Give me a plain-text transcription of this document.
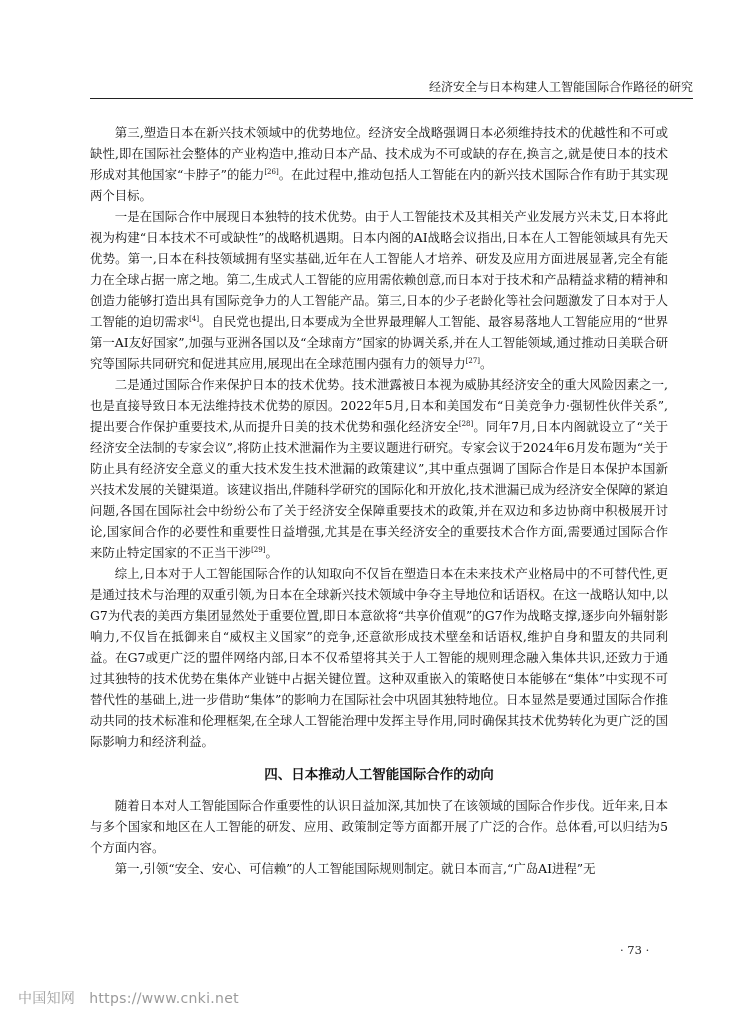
经济安全与日本构建人工智能国际合作路径的研究

第三,塑造日本在新兴技术领域中的优势地位。经济安全战略强调日本必须维持技术的优越性和不可或缺性,即在国际社会整体的产业构造中,推动日本产品、技术成为不可或缺的存在,换言之,就是使日本的技术形成对其他国家“卡脖子”的能力[26]。在此过程中,推动包括人工智能在内的新兴技术国际合作有助于其实现两个目标。

一是在国际合作中展现日本独特的技术优势。由于人工智能技术及其相关产业发展方兴未艾,日本将此视为构建“日本技术不可或缺性”的战略机遇期。日本内阁的AI战略会议指出,日本在人工智能领域具有先天优势。第一,日本在科技领域拥有坚实基础,近年在人工智能人才培养、研发及应用方面进展显著,完全有能力在全球占据一席之地。第二,生成式人工智能的应用需依赖创意,而日本对于技术和产品精益求精的精神和创造力能够打造出具有国际竞争力的人工智能产品。第三,日本的少子老龄化等社会问题激发了日本对于人工智能的迫切需求[4]。自民党也提出,日本要成为全世界最理解人工智能、最容易落地人工智能应用的“世界第一AI友好国家”,加强与亚洲各国以及“全球南方”国家的协调关系,并在人工智能领域,通过推动日美联合研究等国际共同研究和促进其应用,展现出在全球范围内强有力的领导力[27]。

二是通过国际合作来保护日本的技术优势。技术泄露被日本视为威胁其经济安全的重大风险因素之一,也是直接导致日本无法维持技术优势的原因。2022年5月,日本和美国发布“日美竞争力·强韧性伙伴关系”,提出要合作保护重要技术,从而提升日美的技术优势和强化经济安全[28]。同年7月,日本内阁就设立了“关于经济安全法制的专家会议”,将防止技术泄漏作为主要议题进行研究。专家会议于2024年6月发布题为“关于防止具有经济安全意义的重大技术发生技术泄漏的政策建议”,其中重点强调了国际合作是日本保护本国新兴技术发展的关键渠道。该建议指出,伴随科学研究的国际化和开放化,技术泄漏已成为经济安全保障的紧迫问题,各国在国际社会中纷纷公布了关于经济安全保障重要技术的政策,并在双边和多边协商中积极展开讨论,国家间合作的必要性和重要性日益增强,尤其是在事关经济安全的重要技术合作方面,需要通过国际合作来防止特定国家的不正当干涉[29]。

综上,日本对于人工智能国际合作的认知取向不仅旨在塑造日本在未来技术产业格局中的不可替代性,更是通过技术与治理的双重引领,为日本在全球新兴技术领域中争夺主导地位和话语权。在这一战略认知中,以G7为代表的美西方集团显然处于重要位置,即日本意欲将“共享价值观”的G7作为战略支撑,逐步向外辐射影响力,不仅旨在抵御来自“威权主义国家”的竞争,还意欲形成技术壁垒和话语权,维护自身和盟友的共同利益。在G7或更广泛的盟伴网络内部,日本不仅希望将其关于人工智能的规则理念融入集体共识,还致力于通过其独特的技术优势在集体产业链中占据关键位置。这种双重嵌入的策略使日本能够在“集体”中实现不可替代性的基础上,进一步借助“集体”的影响力在国际社会中巩固其独特地位。日本显然是要通过国际合作推动共同的技术标准和伦理框架,在全球人工智能治理中发挥主导作用,同时确保其技术优势转化为更广泛的国际影响力和经济利益。

四、日本推动人工智能国际合作的动向

随着日本对人工智能国际合作重要性的认识日益加深,其加快了在该领域的国际合作步伐。近年来,日本与多个国家和地区在人工智能的研发、应用、政策制定等方面都开展了广泛的合作。总体看,可以归结为5个方面内容。

第一,引领“安全、安心、可信赖”的人工智能国际规则制定。就日本而言,“广岛AI进程”无

· 73 ·
中国知网 https://www.cnki.net
